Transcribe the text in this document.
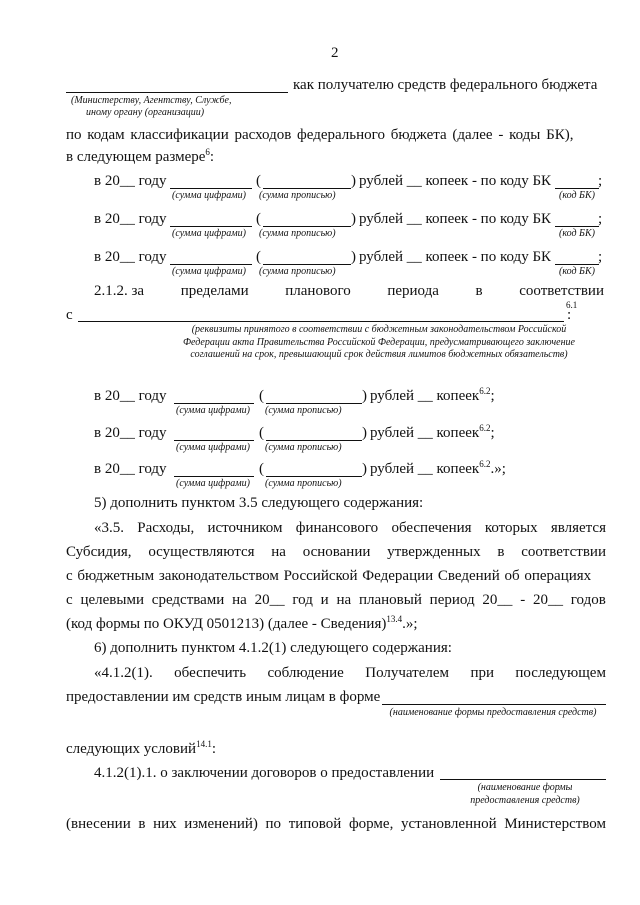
2
как получателю средств федерального бюджета
(Министерству, Агентству, Службе,
иному органу (организации)
по кодам классификации расходов федерального бюджета (далее - коды БК),
в следующем размере$^6$:
в 20__ году	(	) рублей __ копеек - по коду БК	;
(сумма цифрами) (сумма прописью)	(код БК)
в 20__ году	(	) рублей __ копеек - по коду БК	;
(сумма цифрами) (сумма прописью)	(код БК)
в 20__ году	(	) рублей __ копеек - по коду БК	;
(сумма цифрами) (сумма прописью)	(код БК)
2.1.2. за пределами планового периода в соответствии
с
6.1
:
(реквизиты принятого в соответствии с бюджетным законодательством Российской Федерации акта Правительства Российской Федерации, предусматривающего заключение соглашений на срок, превышающий срок действия лимитов бюджетных обязательств)
в 20__ году	(	) рублей __ копеек$^{6.2}$;
(сумма цифрами) (сумма прописью)
в 20__ году	(	) рублей __ копеек$^{6.2}$;
(сумма цифрами) (сумма прописью)
в 20__ году	(	) рублей __ копеек$^{6.2}$.»;
(сумма цифрами) (сумма прописью)
5) дополнить пунктом 3.5 следующего содержания:
«3.5. Расходы, источником финансового обеспечения которых является
Субсидия, осуществляются на основании утвержденных в соответствии
с бюджетным законодательством Российской Федерации Сведений об операциях
с целевыми средствами на 20__ год и на плановый период 20__ - 20__ годов
(код формы по ОКУД 0501213) (далее - Сведения)$^{13.4}$.»;
6) дополнить пунктом 4.1.2(1) следующего содержания:
«4.1.2(1). обеспечить соблюдение Получателем при последующем
предоставлении им средств иным лицам в форме
(наименование формы предоставления средств)
следующих условий$^{14.1}$:
4.1.2(1).1. о заключении договоров о предоставлении
(наименование формы предоставления средств)
(внесении в них изменений) по типовой форме, установленной Министерством
